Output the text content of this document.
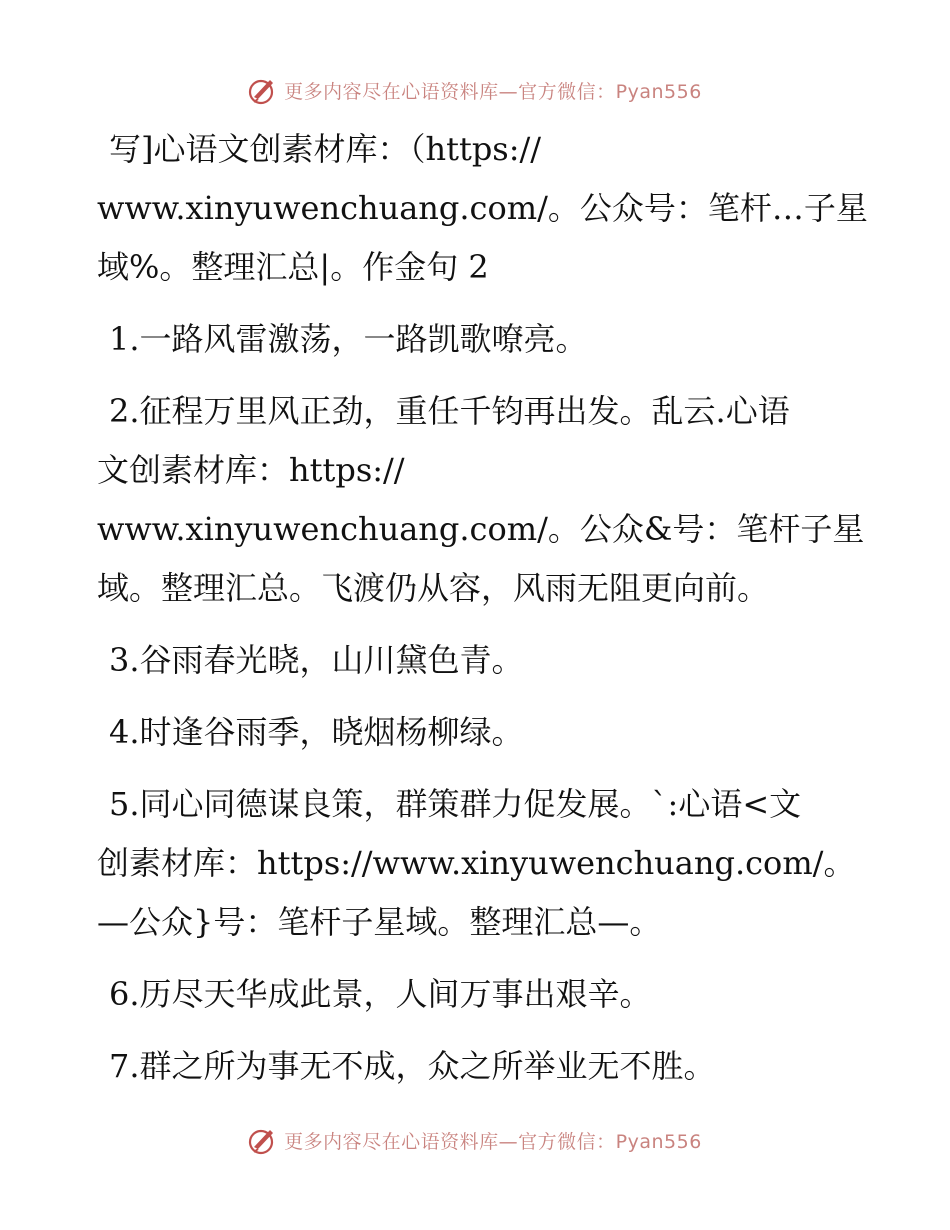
更多内容尽在心语资料库—官方微信：Pyan556
写]心语文创素材库：（https://
www.xinyuwenchuang.com/。公众号：笔杆…子星
域%。整理汇总|。作金句 2
1.一路风雷激荡，一路凯歌嘹亮。
2.征程万里风正劲，重任千钧再出发。乱云.心语
文创素材库：https://
www.xinyuwenchuang.com/。公众&号：笔杆子星
域。整理汇总。飞渡仍从容，风雨无阻更向前。
3.谷雨春光晓，山川黛色青。
4.时逢谷雨季，晓烟杨柳绿。
5.同心同德谋良策，群策群力促发展。`:心语<文
创素材库：https://www.xinyuwenchuang.com/。
—公众}号：笔杆子星域。整理汇总—。
6.历尽天华成此景，人间万事出艰辛。
7.群之所为事无不成，众之所举业无不胜。
更多内容尽在心语资料库—官方微信：Pyan556
